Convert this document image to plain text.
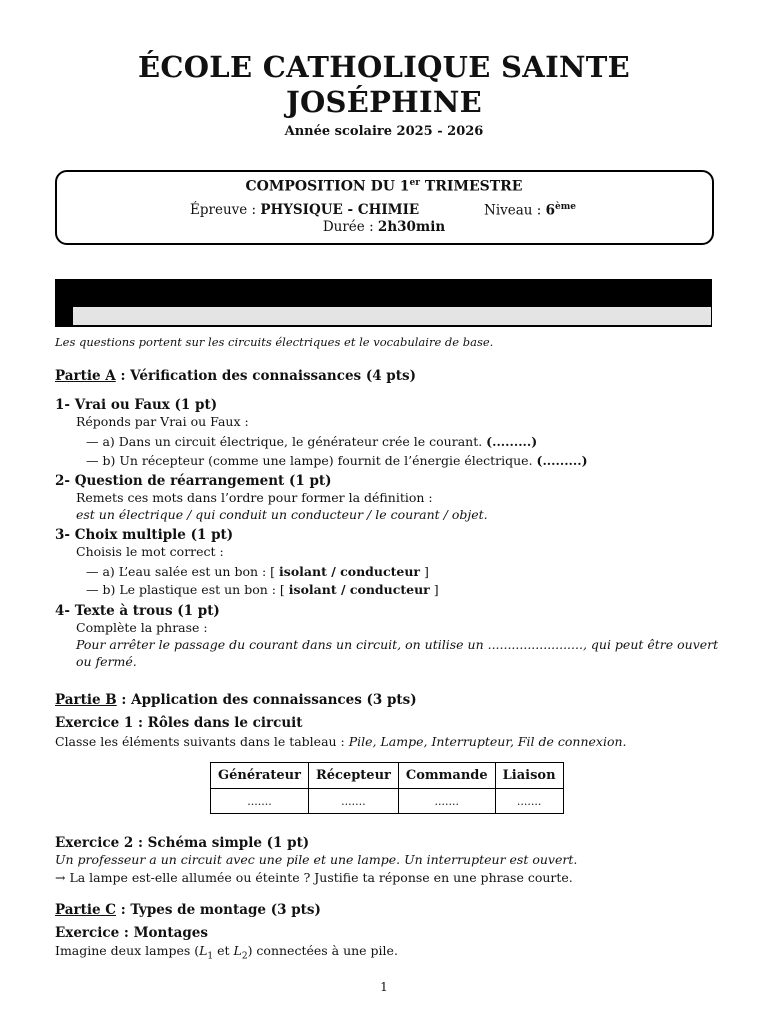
ÉCOLE CATHOLIQUE SAINTE
JOSÉPHINE
Année scolaire 2025 - 2026
COMPOSITION DU 1er TRIMESTRE
Épreuve : PHYSIQUE - CHIMIE	Niveau : 6ème
Durée : 2h30min
Les questions portent sur les circuits électriques et le vocabulaire de base.
Partie A : Vérification des connaissances (4 pts)
1- Vrai ou Faux (1 pt)
Réponds par Vrai ou Faux :
— a) Dans un circuit électrique, le générateur crée le courant. (.........)
— b) Un récepteur (comme une lampe) fournit de l’énergie électrique. (.........)
2- Question de réarrangement (1 pt)
Remets ces mots dans l’ordre pour former la définition :
est un électrique / qui conduit un conducteur / le courant / objet.
3- Choix multiple (1 pt)
Choisis le mot correct :
— a) L’eau salée est un bon : [ isolant / conducteur ]
— b) Le plastique est un bon : [ isolant / conducteur ]
4- Texte à trous (1 pt)
Complète la phrase :
Pour arrêter le passage du courant dans un circuit, on utilise un ........................, qui peut être ouvert
ou fermé.
Partie B : Application des connaissances (3 pts)
Exercice 1 : Rôles dans le circuit
Classe les éléments suivants dans le tableau : Pile, Lampe, Interrupteur, Fil de connexion.
Générateur	Récepteur	Commande	Liaison
.......	.......	.......	.......
Exercice 2 : Schéma simple (1 pt)
Un professeur a un circuit avec une pile et une lampe. Un interrupteur est ouvert.
→ La lampe est-elle allumée ou éteinte ? Justifie ta réponse en une phrase courte.
Partie C : Types de montage (3 pts)
Exercice : Montages
Imagine deux lampes ($L_1$ et $L_2$) connectées à une pile.
1
